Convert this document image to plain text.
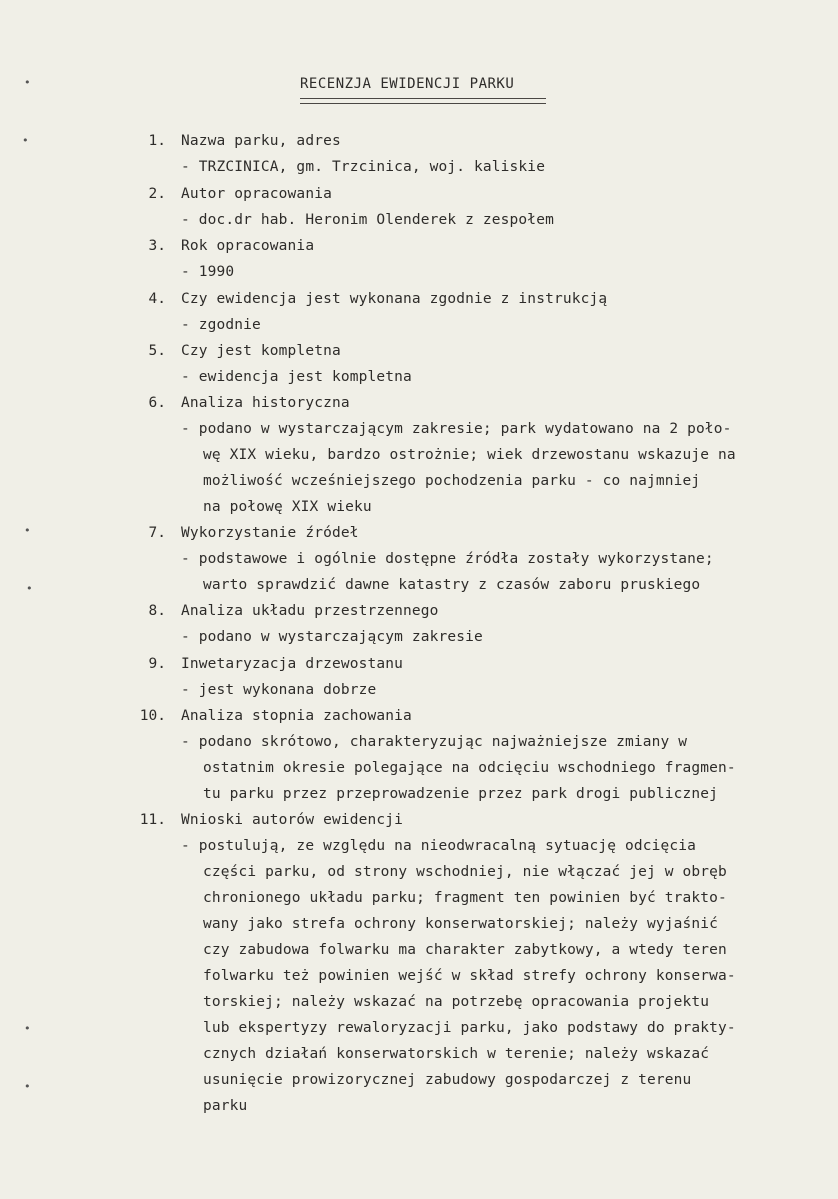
RECENZJA EWIDENCJI PARKU
•
•
•
•
•
•
1. Nazwa parku, adres
- TRZCINICA, gm. Trzcinica, woj. kaliskie
2. Autor opracowania
- doc.dr hab. Heronim Olenderek z zespołem
3. Rok opracowania
- 1990
4. Czy ewidencja jest wykonana zgodnie z instrukcją
- zgodnie
5. Czy jest kompletna
- ewidencja jest kompletna
6. Analiza historyczna
- podano w wystarczającym zakresie; park wydatowano na 2 poło-
wę XIX wieku, bardzo ostrożnie; wiek drzewostanu wskazuje na
możliwość wcześniejszego pochodzenia parku - co najmniej
na połowę XIX wieku
7. Wykorzystanie źródeł
- podstawowe i ogólnie dostępne źródła zostały wykorzystane;
warto sprawdzić dawne katastry z czasów zaboru pruskiego
8. Analiza układu przestrzennego
- podano w wystarczającym zakresie
9. Inwetaryzacja drzewostanu
- jest wykonana dobrze
10. Analiza stopnia zachowania
- podano skrótowo, charakteryzując najważniejsze zmiany w
ostatnim okresie polegające na odcięciu wschodniego fragmen-
tu parku przez przeprowadzenie przez park drogi publicznej
11. Wnioski autorów ewidencji
- postulują, ze względu na nieodwracalną sytuację odcięcia
części parku, od strony wschodniej, nie włączać jej w obręb
chronionego układu parku; fragment ten powinien być trakto-
wany jako strefa ochrony konserwatorskiej; należy wyjaśnić
czy zabudowa folwarku ma charakter zabytkowy, a wtedy teren
folwarku też powinien wejść w skład strefy ochrony konserwa-
torskiej; należy wskazać na potrzebę opracowania projektu
lub ekspertyzy rewaloryzacji parku, jako podstawy do prakty-
cznych działań konserwatorskich w terenie; należy wskazać
usunięcie prowizorycznej zabudowy gospodarczej z terenu
parku
